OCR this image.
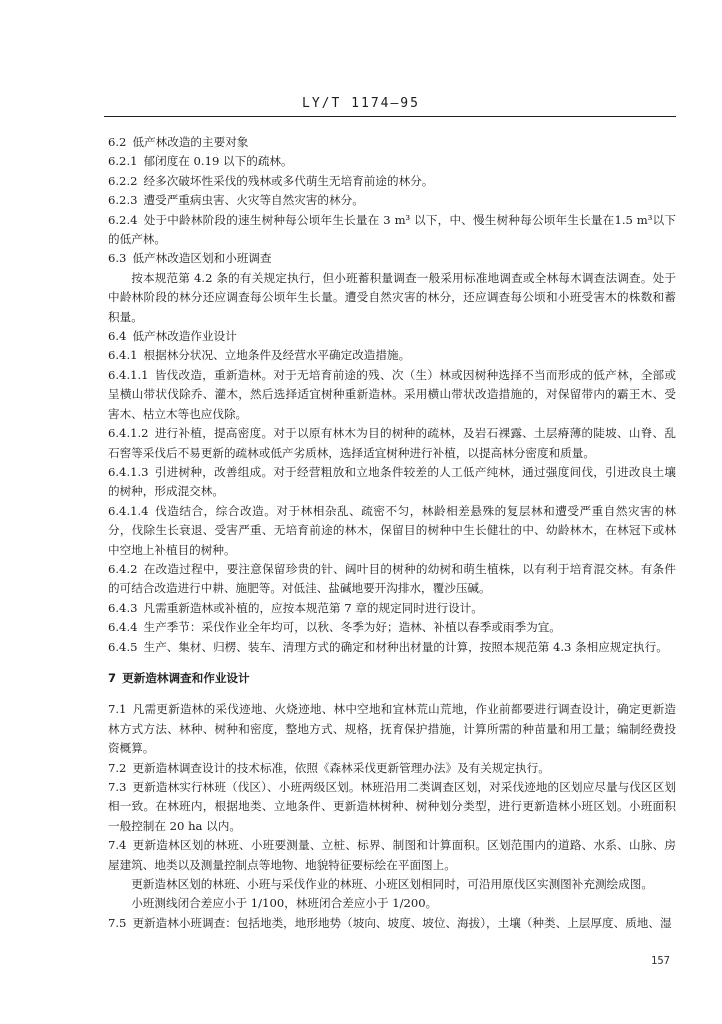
LY/T 1174—95

6.2 低产林改造的主要对象

6.2.1 郁闭度在 0.19 以下的疏林。

6.2.2 经多次破坏性采伐的残林或多代萌生无培育前途的林分。

6.2.3 遭受严重病虫害、火灾等自然灾害的林分。

6.2.4 处于中龄林阶段的速生树种每公顷年生长量在 3 m³ 以下，中、慢生树种每公顷年生长量在1.5 m³以下的低产林。

6.3 低产林改造区划和小班调查

按本规范第 4.2 条的有关规定执行，但小班蓄积量调查一般采用标准地调查或全林每木调查法调查。处于中龄林阶段的林分还应调查每公顷年生长量。遭受自然灾害的林分，还应调查每公顷和小班受害木的株数和蓄积量。

6.4 低产林改造作业设计

6.4.1 根据林分状况、立地条件及经营水平确定改造措施。

6.4.1.1 皆伐改造，重新造林。对于无培育前途的残、次（生）林或因树种选择不当而形成的低产林，全部或呈横山带状伐除乔、灌木，然后选择适宜树种重新造林。采用横山带状改造措施的，对保留带内的霸王木、受害木、枯立木等也应伐除。

6.4.1.2 进行补植，提高密度。对于以原有林木为目的树种的疏林，及岩石裸露、土层瘠薄的陡坡、山脊、乱石窖等采伐后不易更新的疏林或低产劣质林，选择适宜树种进行补植，以提高林分密度和质量。

6.4.1.3 引进树种，改善组成。对于经营粗放和立地条件较差的人工低产纯林，通过强度间伐，引进改良土壤的树种，形成混交林。

6.4.1.4 伐造结合，综合改造。对于林相杂乱、疏密不匀，林龄相差悬殊的复层林和遭受严重自然灾害的林分，伐除生长衰退、受害严重、无培育前途的林木，保留目的树种中生长健壮的中、幼龄林木，在林冠下或林中空地上补植目的树种。

6.4.2 在改造过程中，要注意保留珍贵的针、阔叶目的树种的幼树和萌生植株，以有利于培育混交林。有条件的可结合改造进行中耕、施肥等。对低洼、盐碱地要开沟排水，覆沙压碱。

6.4.3 凡需重新造林或补植的，应按本规范第 7 章的规定同时进行设计。

6.4.4 生产季节：采伐作业全年均可，以秋、冬季为好；造林、补植以春季或雨季为宜。

6.4.5 生产、集材、归楞、装车、清理方式的确定和材种出材量的计算，按照本规范第 4.3 条相应规定执行。

7 更新造林调查和作业设计

7.1 凡需更新造林的采伐迹地、火烧迹地、林中空地和宜林荒山荒地，作业前都要进行调查设计，确定更新造林方式方法、林种、树种和密度，整地方式、规格，抚育保护措施，计算所需的种苗量和用工量；编制经费投资概算。

7.2 更新造林调查设计的技术标准，依照《森林采伐更新管理办法》及有关规定执行。

7.3 更新造林实行林班（伐区）、小班两级区划。林班沿用二类调查区划，对采伐迹地的区划应尽量与伐区区划相一致。在林班内，根据地类、立地条件、更新造林树种、树种划分类型，进行更新造林小班区划。小班面积一般控制在 20 ha 以内。

7.4 更新造林区划的林班、小班要测量、立桩、标界、制图和计算面积。区划范围内的道路、水系、山脉、房屋建筑、地类以及测量控制点等地物、地貌特征要标绘在平面图上。

更新造林区划的林班、小班与采伐作业的林班、小班区划相同时，可沿用原伐区实测图补充测绘成图。

小班测线闭合差应小于 1/100，林班闭合差应小于 1/200。

7.5 更新造林小班调查：包括地类，地形地势（坡向、坡度、坡位、海拔），土壤（种类、上层厚度、质地、湿

157
